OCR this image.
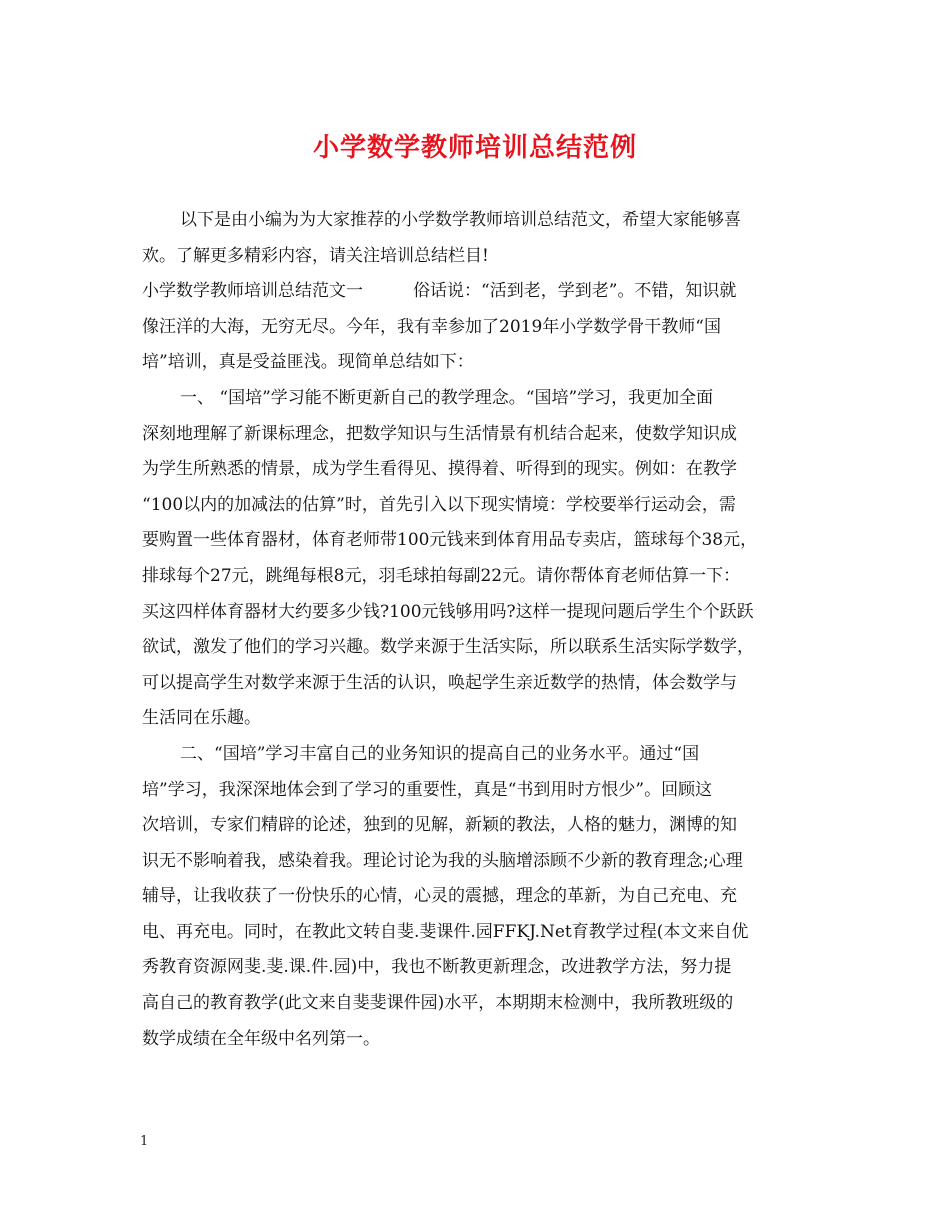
小学数学教师培训总结范例
以下是由小编为为大家推荐的小学数学教师培训总结范文，希望大家能够喜
欢。了解更多精彩内容，请关注培训总结栏目!
小学数学教师培训总结范文一	俗话说：“活到老，学到老”。不错，知识就
像汪洋的大海，无穷无尽。今年，我有幸参加了2019年小学数学骨干教师“国
培”培训，真是受益匪浅。现简单总结如下：
一、 “国培”学习能不断更新自己的教学理念。“国培”学习，我更加全面
深刻地理解了新课标理念，把数学知识与生活情景有机结合起来，使数学知识成
为学生所熟悉的情景，成为学生看得见、摸得着、听得到的现实。例如：在教学
“100以内的加减法的估算”时，首先引入以下现实情境：学校要举行运动会，需
要购置一些体育器材，体育老师带100元钱来到体育用品专卖店，篮球每个38元，
排球每个27元，跳绳每根8元，羽毛球拍每副22元。请你帮体育老师估算一下：
买这四样体育器材大约要多少钱?100元钱够用吗?这样一提现问题后学生个个跃跃
欲试，激发了他们的学习兴趣。数学来源于生活实际，所以联系生活实际学数学，
可以提高学生对数学来源于生活的认识，唤起学生亲近数学的热情，体会数学与
生活同在乐趣。
二、“国培”学习丰富自己的业务知识的提高自己的业务水平。通过“国
培”学习，我深深地体会到了学习的重要性，真是“书到用时方恨少”。回顾这
次培训，专家们精辟的论述，独到的见解，新颖的教法，人格的魅力，渊博的知
识无不影响着我，感染着我。理论讨论为我的头脑增添顾不少新的教育理念;心理
辅导，让我收获了一份快乐的心情，心灵的震撼，理念的革新，为自己充电、充
电、再充电。同时，在教此文转自斐.斐课件.园FFKJ.Net育教学过程(本文来自优
秀教育资源网斐.斐.课.件.园)中，我也不断教更新理念，改进教学方法，努力提
高自己的教育教学(此文来自斐斐课件园)水平，本期期末检测中，我所教班级的
数学成绩在全年级中名列第一。
1
